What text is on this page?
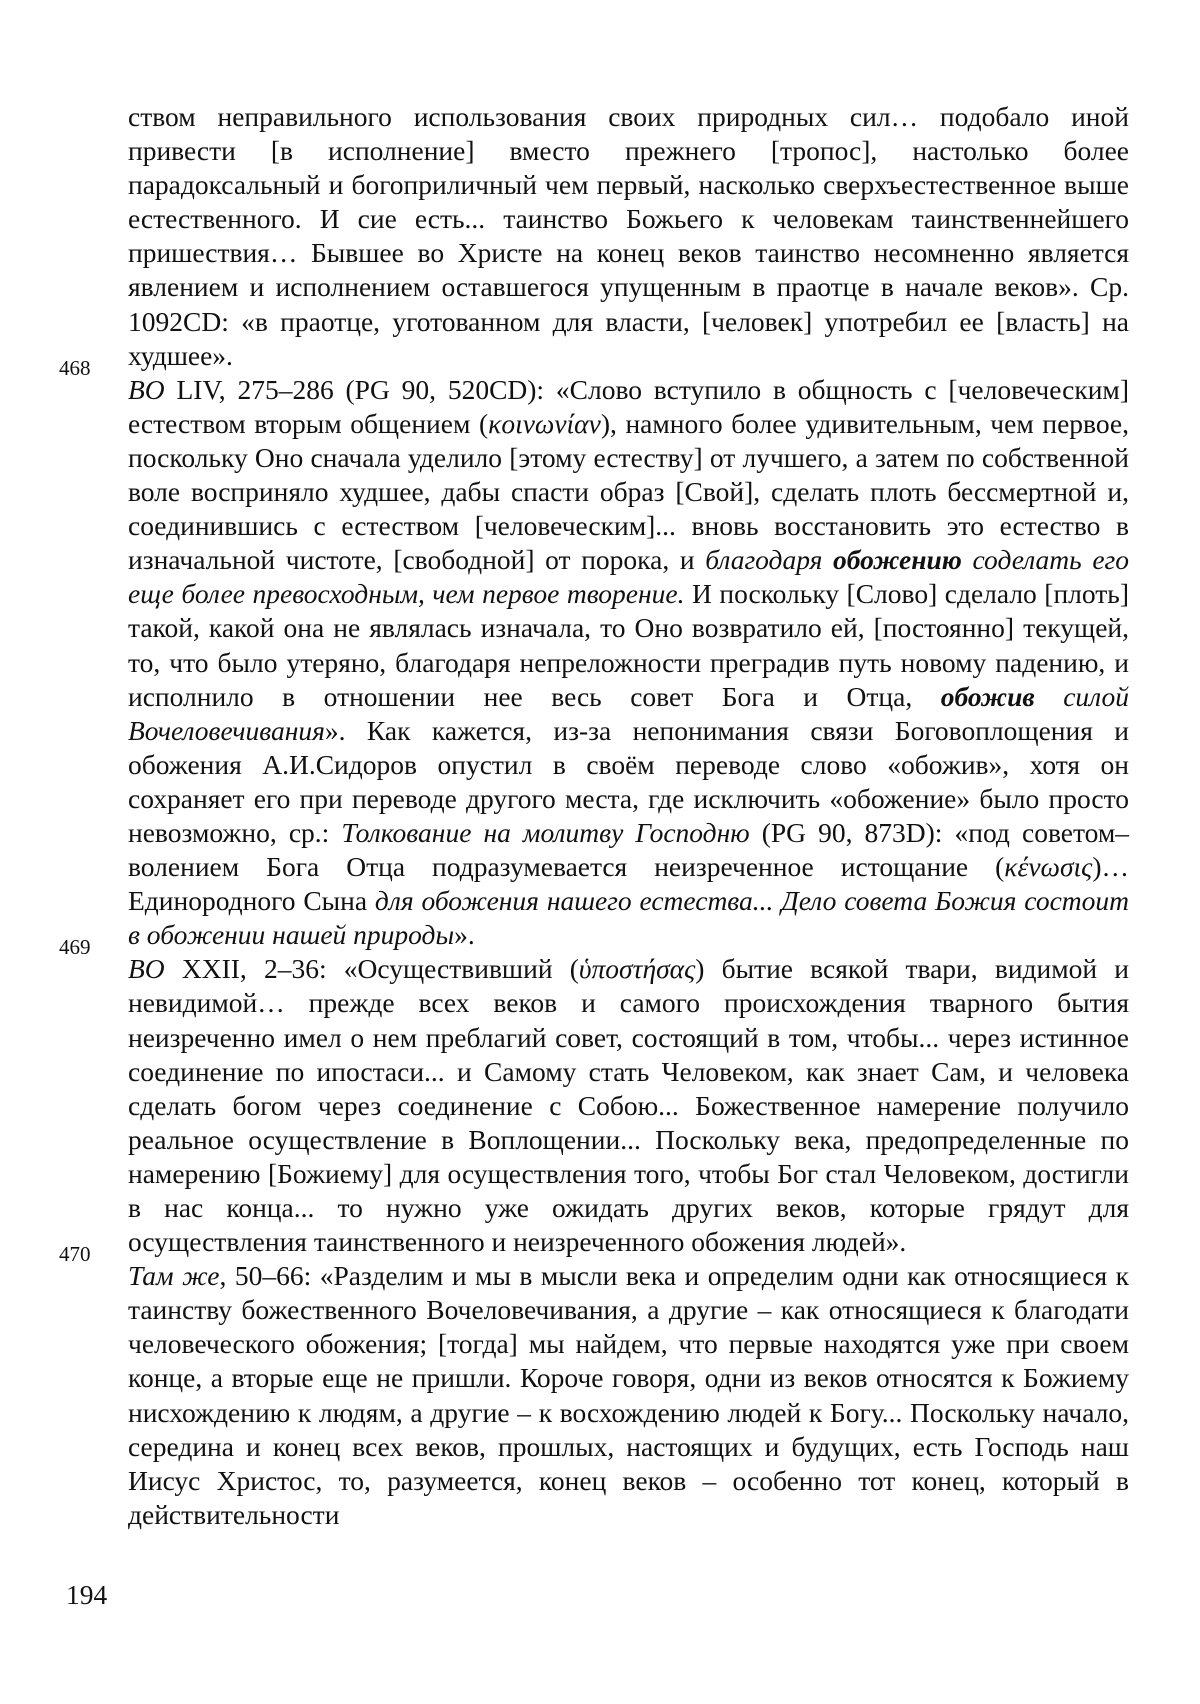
ством неправильного использования своих природных сил… подобало иной привести [в исполнение] вместо прежнего [тропос], настолько более парадоксальный и богоприличный чем первый, насколько сверхъестественное выше естественного. И сие есть... таинство Божьего к человекам таинственнейшего пришествия… Бывшее во Христе на конец веков таинство несомненно является явлением и исполнением оставшегося упущенным в праотце в начале веков». Ср. 1092CD: «в праотце, уготованном для власти, [человек] употребил ее [власть] на худшее».

468
BO LIV, 275–286 (PG 90, 520CD): «Слово вступило в общность с [человеческим] естеством вторым общением (κοινωνίαν), намного более удивительным, чем первое, поскольку Оно сначала уделило [этому естеству] от лучшего, а затем по собственной воле восприняло худшее, дабы спасти образ [Свой], сделать плоть бессмертной и, соединившись с естеством [человеческим]... вновь восстановить это естество в изначальной чистоте, [свободной] от порока, и благодаря обожению соделать его еще более превосходным, чем первое творение. И поскольку [Слово] сделало [плоть] такой, какой она не являлась изначала, то Оно возвратило ей, [постоянно] текущей, то, что было утеряно, благодаря непреложности преградив путь новому падению, и исполнило в отношении нее весь совет Бога и Отца, обожив силой Вочеловечивания». Как кажется, из-за непонимания связи Боговоплощения и обожения А.И.Сидоров опустил в своём переводе слово «обожив», хотя он сохраняет его при переводе другого места, где исключить «обожение» было просто невозможно, ср.: Толкование на молитву Господню (PG 90, 873D): «под советом–волением Бога Отца подразумевается неизреченное истощание (κένωσις)… Единородного Сына для обожения нашего естества... Дело совета Божия состоит в обожении нашей природы».

469
BO XXII, 2–36: «Осуществивший (ὑποστήσας) бытие всякой твари, видимой и невидимой… прежде всех веков и самого происхождения тварного бытия неизреченно имел о нем преблагий совет, состоящий в том, чтобы... через истинное соединение по ипостаси... и Самому стать Человеком, как знает Сам, и человека сделать богом через соединение с Собою... Божественное намерение получило реальное осуществление в Воплощении... Поскольку века, предопределенные по намерению [Божиему] для осуществления того, чтобы Бог стал Человеком, достигли в нас конца... то нужно уже ожидать других веков, которые грядут для осуществления таинственного и неизреченного обожения людей».

470
Там же, 50–66: «Разделим и мы в мысли века и определим одни как относящиеся к таинству божественного Вочеловечивания, а другие – как относящиеся к благодати человеческого обожения; [тогда] мы найдем, что первые находятся уже при своем конце, а вторые еще не пришли. Короче говоря, одни из веков относятся к Божиему нисхождению к людям, а другие – к восхождению людей к Богу... Поскольку начало, середина и конец всех веков, прошлых, настоящих и будущих, есть Господь наш Иисус Христос, то, разумеется, конец веков – особенно тот конец, который в действительности

194
